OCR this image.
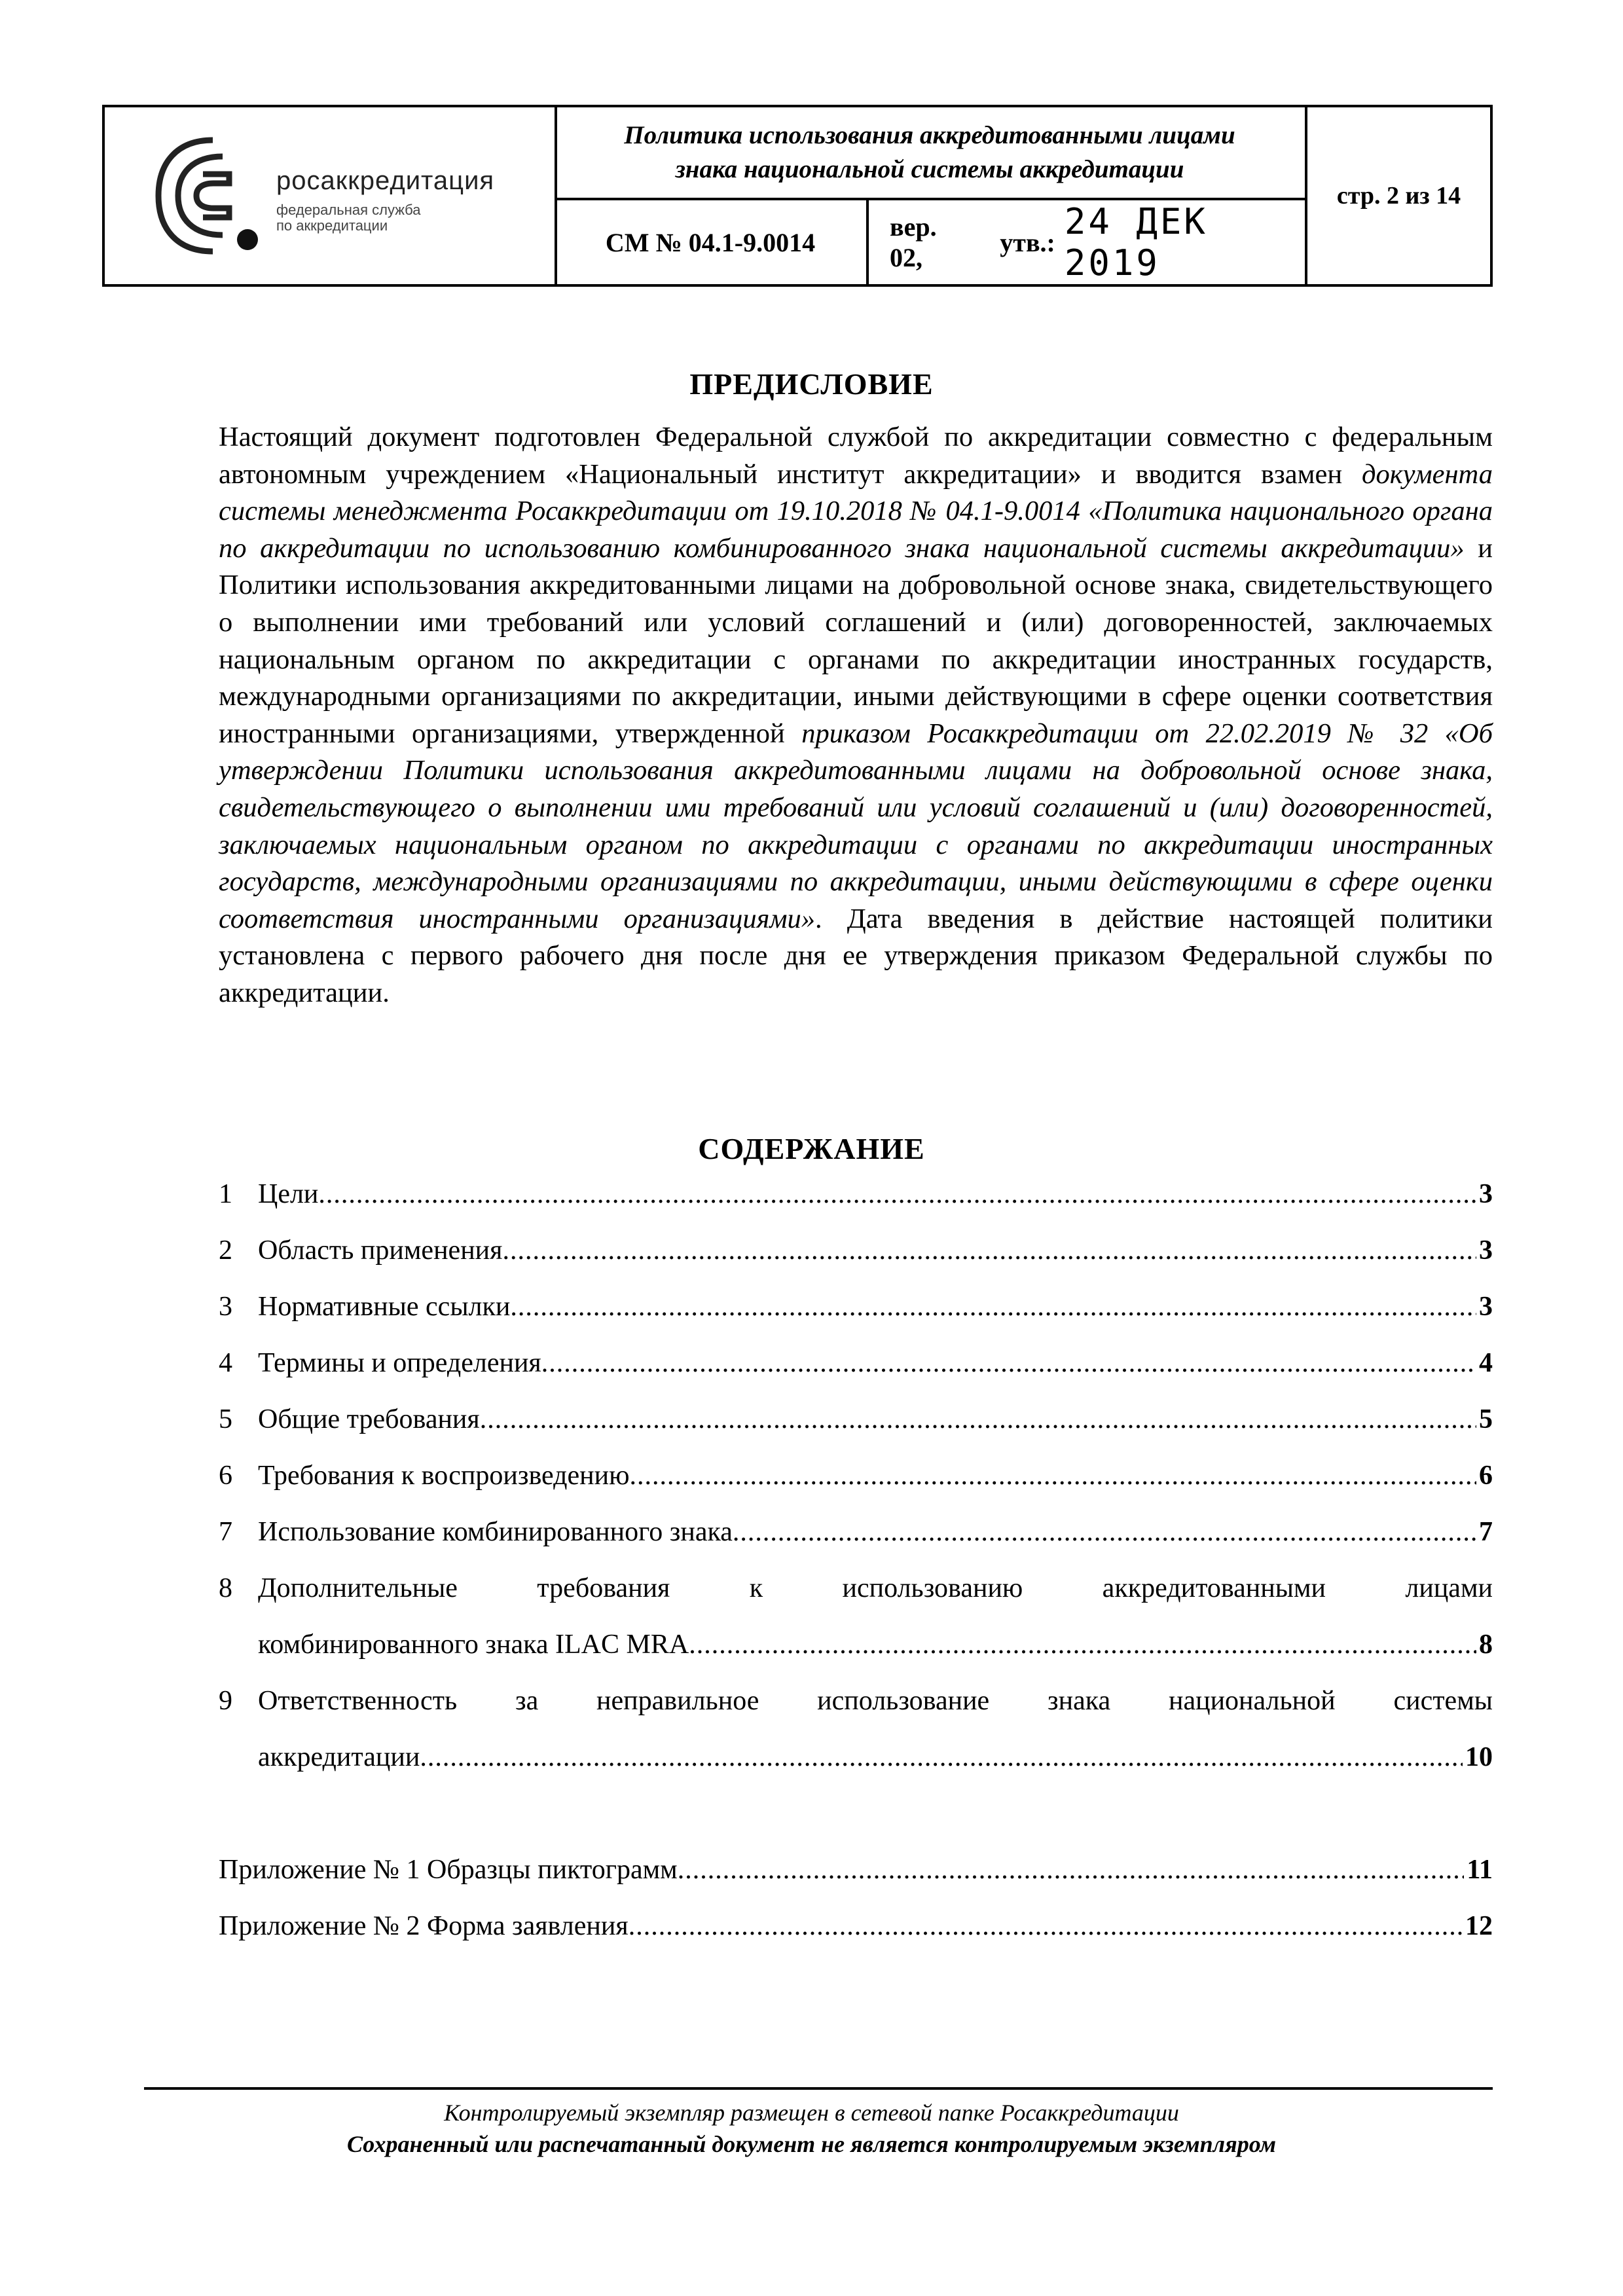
росаккредитация
федеральная служба
по аккредитации
Политика использования аккредитованными лицами
знака национальной системы аккредитации
СМ № 04.1-9.0014
вер. 02,
утв.: 24 ДЕК 2019
стр. 2 из 14
ПРЕДИСЛОВИЕ

Настоящий документ подготовлен Федеральной службой по аккредитации совместно с федеральным автономным учреждением «Национальный институт аккредитации» и вводится взамен документа системы менеджмента Росаккредитации от 19.10.2018 № 04.1-9.0014 «Политика национального органа по аккредитации по использованию комбинированного знака национальной системы аккредитации» и Политики использования аккредитованными лицами на добровольной основе знака, свидетельствующего о выполнении ими требований или условий соглашений и (или) договоренностей, заключаемых национальным органом по аккредитации с органами по аккредитации иностранных государств, международными организациями по аккредитации, иными действующими в сфере оценки соответствия иностранными организациями, утвержденной приказом Росаккредитации от 22.02.2019 № 32 «Об утверждении Политики использования аккредитованными лицами на добровольной основе знака, свидетельствующего о выполнении ими требований или условий соглашений и (или) договоренностей, заключаемых национальным органом по аккредитации с органами по аккредитации иностранных государств, международными организациями по аккредитации, иными действующими в сфере оценки соответствия иностранными организациями». Дата введения в действие настоящей политики установлена с первого рабочего дня после дня ее утверждения приказом Федеральной службы по аккредитации.

СОДЕРЖАНИЕ
1 Цели .....	3
2 Область применения .....	3
3 Нормативные ссылки .....	3
4 Термины и определения .....	4
5 Общие требования .....	5
6 Требования к воспроизведению .....	6
7 Использование комбинированного знака .....	7
8 Дополнительные требования к использованию аккредитованными лицами
комбинированного знака ILAC MRA .....	8
9 Ответственность за неправильное использование знака национальной системы
аккредитации .....	10
Приложение № 1 Образцы пиктограмм .....	11
Приложение № 2 Форма заявления .....	12
Контролируемый экземпляр размещен в сетевой папке Росаккредитации
Сохраненный или распечатанный документ не является контролируемым экземпляром
